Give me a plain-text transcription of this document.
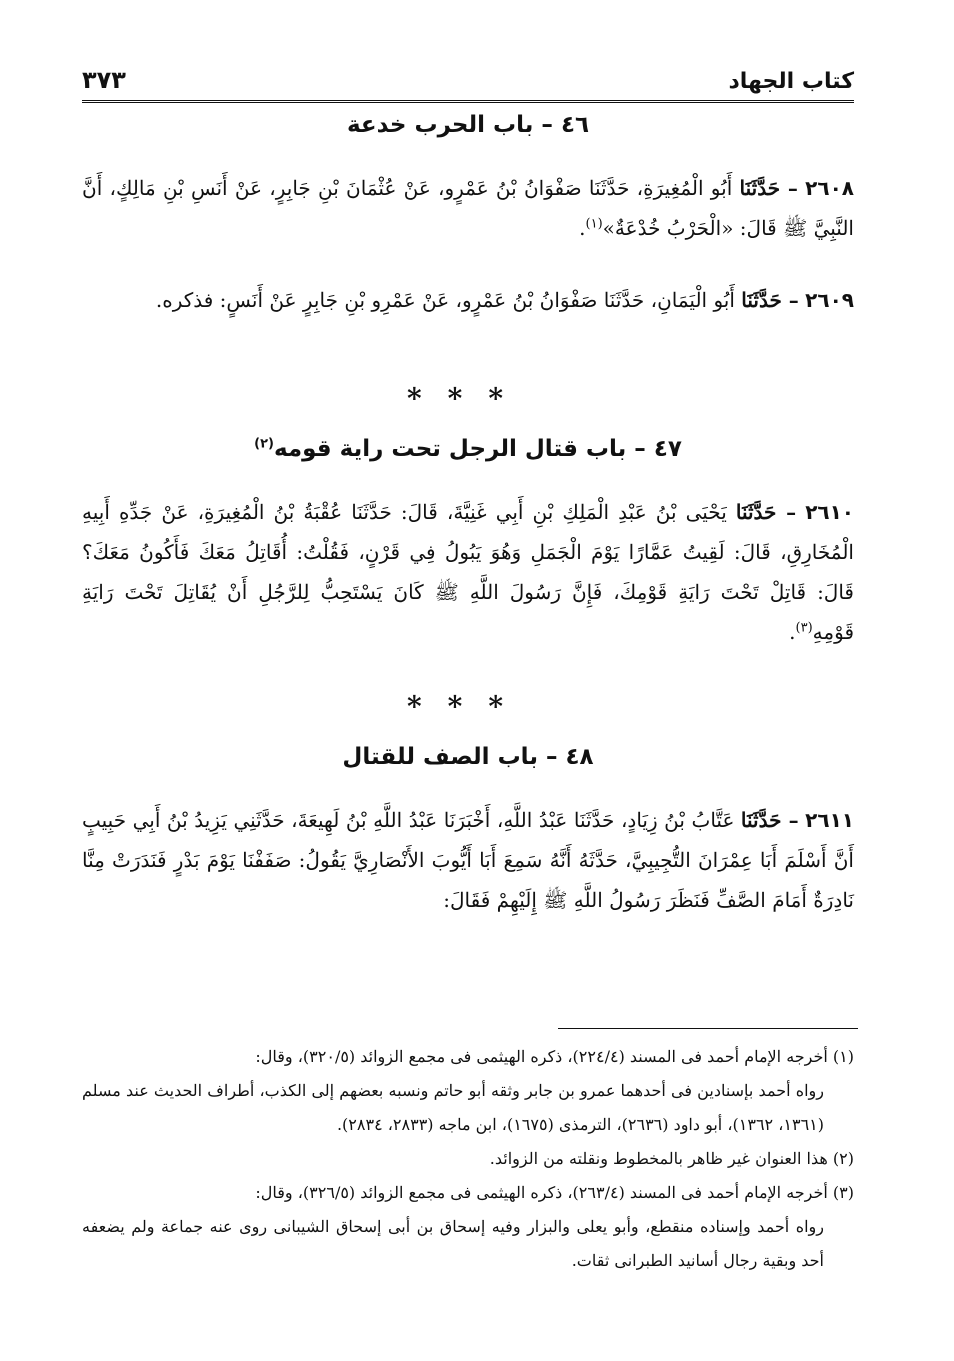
كتاب الجهاد
٣٧٣
٤٦ – باب الحرب خدعة
٢٦٠٨ – حَدَّثَنَا أَبُو الْمُغِيرَةِ، حَدَّثَنَا صَفْوَانُ بْنُ عَمْرٍو، عَنْ عُثْمَانَ بْنِ جَابِرٍ، عَنْ أَنَسِ بْنِ مَالِكٍ، أَنَّ النَّبِيَّ ﷺ قَالَ: «الْحَرْبُ خُدْعَةٌ»$^{(١)}$.
٢٦٠٩ – حَدَّثَنَا أَبُو الْيَمَانِ، حَدَّثَنَا صَفْوَانُ بْنُ عَمْرٍو، عَنْ عَمْرِو بْنِ جَابِرٍ عَنْ أَنَسٍ: فذكره.
***
٤٧ – باب قتال الرجل تحت راية قومه$^{(٢)}$
٢٦١٠ – حَدَّثَنَا يَحْيَى بْنُ عَبْدِ الْمَلِكِ بْنِ أَبِي غَنِيَّةَ، قَالَ: حَدَّثَنَا عُقْبَةُ بْنُ الْمُغِيرَةِ، عَنْ جَدِّهِ أَبِيهِ الْمُخَارِقِ، قَالَ: لَقِيتُ عَمَّارًا يَوْمَ الْجَمَلِ وَهُوَ يَبُولُ فِي قَرْنٍ، فَقُلْتُ: أُقَاتِلُ مَعَكَ فَأَكُونُ مَعَكَ؟ قَالَ: قَاتِلْ تَحْتَ رَايَةِ قَوْمِكَ، فَإِنَّ رَسُولَ اللَّهِ ﷺ كَانَ يَسْتَحِبُّ لِلرَّجُلِ أَنْ يُقَاتِلَ تَحْتَ رَايَةِ قَوْمِهِ$^{(٣)}$.
***
٤٨ – باب الصف للقتال
٢٦١١ – حَدَّثَنَا عَتَّابُ بْنُ زِيَادٍ، حَدَّثَنَا عَبْدُ اللَّهِ، أَخْبَرَنَا عَبْدُ اللَّهِ بْنُ لَهِيعَةَ، حَدَّثَنِي يَزِيدُ بْنُ أَبِي حَبِيبٍ أَنَّ أَسْلَمَ أَبَا عِمْرَانَ التُّجِيبِيَّ، حَدَّثَهُ أَنَّهُ سَمِعَ أَبَا أَيُّوبَ الأَنْصَارِيَّ يَقُولُ: صَفَفْنَا يَوْمَ بَدْرٍ فَنَدَرَتْ مِنَّا نَادِرَةٌ أَمَامَ الصَّفِّ فَنَظَرَ رَسُولُ اللَّهِ ﷺ إِلَيْهِمْ فَقَالَ:
(١) أخرجه الإمام أحمد فى المسند (٢٢٤/٤)، ذكره الهيثمى فى مجمع الزوائد (٣٢٠/٥)، وقال:
رواه أحمد بإسنادين فى أحدهما عمرو بن جابر وثقه أبو حاتم ونسبه بعضهم إلى الكذب، أطراف الحديث عند مسلم (١٣٦١، ١٣٦٢)، أبو داود (٢٦٣٦)، الترمذى (١٦٧٥)، ابن ماجه (٢٨٣٣، ٢٨٣٤).
(٢) هذا العنوان غير ظاهر بالمخطوط ونقلته من الزوائد.
(٣) أخرجه الإمام أحمد فى المسند (٢٦٣/٤)، ذكره الهيثمى فى مجمع الزوائد (٣٢٦/٥)، وقال:
رواه أحمد وإسناده منقطع، وأبو يعلى والبزار وفيه إسحاق بن أبى إسحاق الشيبانى روى عنه جماعة ولم يضعفه أحد وبقية رجال أسانيد الطبرانى ثقات.
